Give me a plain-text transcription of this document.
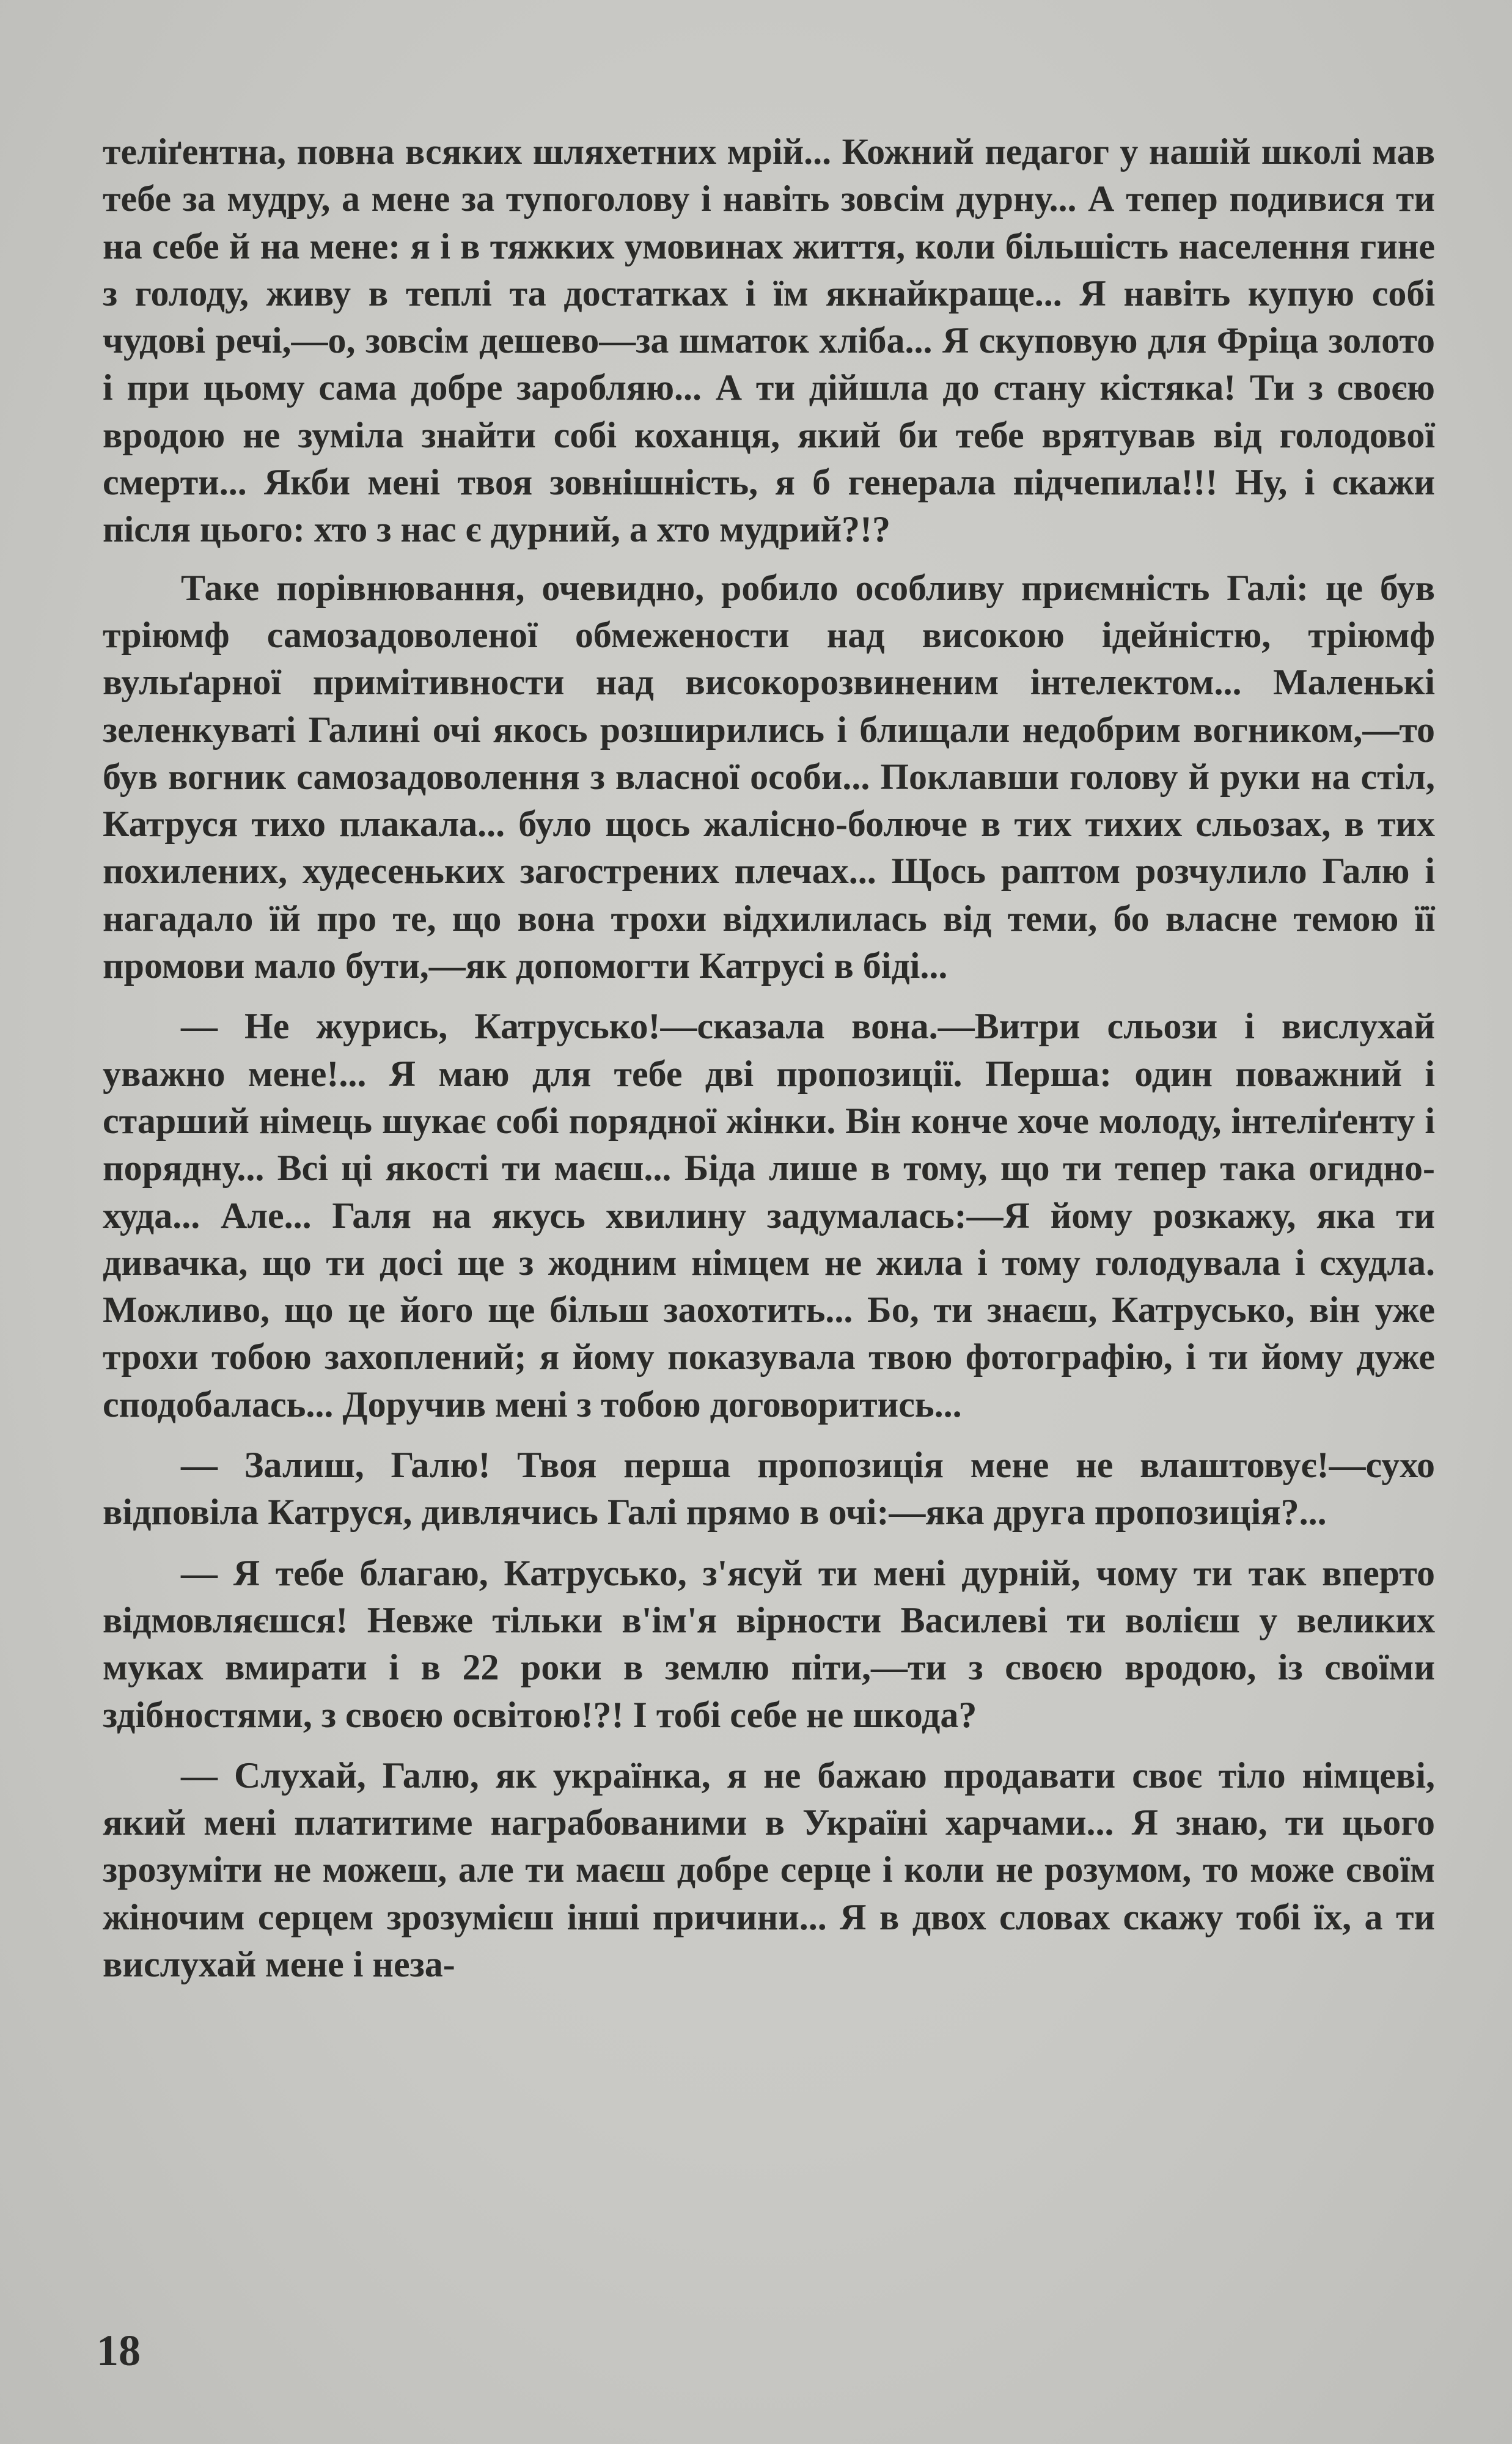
теліґентна, повна всяких шляхетних мрій... Кожний педагог у нашій школі мав тебе за мудру, а мене за тупоголову і навіть зовсім дурну... А тепер подивися ти на себе й на мене: я і в тяжких умовинах життя, коли більшість населення гине з голоду, живу в теплі та достатках і їм якнайкраще... Я навіть купую собі чудові речі,—о, зовсім дешево—за шматок хліба... Я скуповую для Фріца золото і при цьому сама добре заробляю... А ти дійшла до стану кістяка! Ти з своєю вродою не зуміла знайти собі коханця, який би тебе врятував від голодової смерти... Якби мені твоя зовнішність, я б генерала підчепила!!! Ну, і скажи після цього: хто з нас є дурний, а хто мудрий?!?

Таке порівнювання, очевидно, робило особливу приємність Галі: це був тріюмф самозадоволеної обмежености над високою ідейністю, тріюмф вульґарної примітивности над високорозвиненим інтелектом... Маленькі зеленкуваті Галині очі якось розширились і блищали недобрим вогником,—то був вогник самозадоволення з власної особи... Поклавши голову й руки на стіл, Катруся тихо плакала... було щось жалісно-болюче в тих тихих сльозах, в тих похилених, худесеньких загострених плечах... Щось раптом розчулило Галю і нагадало їй про те, що вона трохи відхилилась від теми, бо власне темою її промови мало бути,—як допомогти Катрусі в біді...

— Не журись, Катрусько!—сказала вона.—Витри сльози і вислухай уважно мене!... Я маю для тебе дві пропозиції. Перша: один поважний і старший німець шукає собі порядної жінки. Він конче хоче молоду, інтеліґенту і порядну... Всі ці якості ти маєш... Біда лише в тому, що ти тепер така огидно-худа... Але... Галя на якусь хвилину задумалась:—Я йому розкажу, яка ти дивачка, що ти досі ще з жодним німцем не жила і тому голодувала і схудла. Можливо, що це його ще більш заохотить... Бо, ти знаєш, Катрусько, він уже трохи тобою захоплений; я йому показувала твою фотографію, і ти йому дуже сподобалась... Доручив мені з тобою договоритись...

— Залиш, Галю! Твоя перша пропозиція мене не влаштовує!—сухо відповіла Катруся, дивлячись Галі прямо в очі:—яка друга пропозиція?...

— Я тебе благаю, Катрусько, з'ясуй ти мені дурній, чому ти так вперто відмовляєшся! Невже тільки в'ім'я вірности Василеві ти волієш у великих муках вмирати і в 22 роки в землю піти,—ти з своєю вродою, із своїми здібностями, з своєю освітою!?! І тобі себе не шкода?

— Слухай, Галю, як українка, я не бажаю продавати своє тіло німцеві, який мені платитиме награбованими в Україні харчами... Я знаю, ти цього зрозуміти не можеш, але ти маєш добре серце і коли не розумом, то може своїм жіночим серцем зрозумієш інші причини... Я в двох словах скажу тобі їх, а ти вислухай мене і неза-

18
